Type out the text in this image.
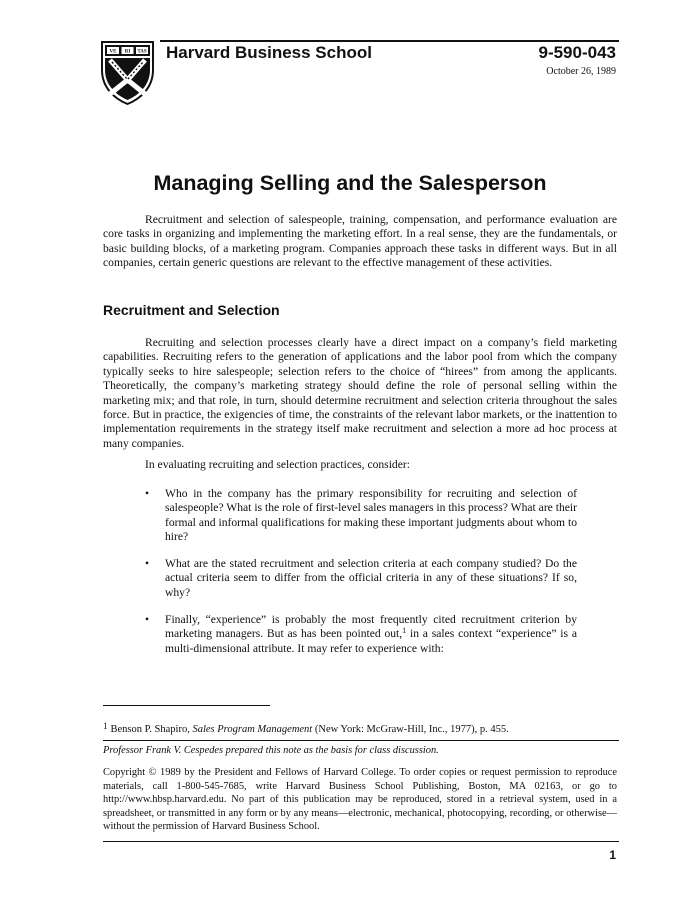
VE RI TAS Harvard Business School	9-590-043
October 26, 1989
Managing Selling and the Salesperson

Recruitment and selection of salespeople, training, compensation, and performance evaluation are core tasks in organizing and implementing the marketing effort. In a real sense, they are the fundamentals, or basic building blocks, of a marketing program. Companies approach these tasks in different ways. But in all companies, certain generic questions are relevant to the effective management of these activities.

Recruitment and Selection

Recruiting and selection processes clearly have a direct impact on a company’s field marketing capabilities. Recruiting refers to the generation of applications and the labor pool from which the company typically seeks to hire salespeople; selection refers to the choice of “hirees” from among the applicants. Theoretically, the company’s marketing strategy should define the role of personal selling within the marketing mix; and that role, in turn, should determine recruitment and selection criteria throughout the sales force. But in practice, the exigencies of time, the constraints of the relevant labor markets, or the inattention to implementation requirements in the strategy itself make recruitment and selection a more ad hoc process at many companies.

In evaluating recruiting and selection practices, consider:
• Who in the company has the primary responsibility for recruiting and selection of salespeople? What is the role of first-level sales managers in this process? What are their formal and informal qualifications for making these important judgments about whom to hire?
• What are the stated recruitment and selection criteria at each company studied? Do the actual criteria seem to differ from the official criteria in any of these situations? If so, why?
• Finally, “experience” is probably the most frequently cited recruitment criterion by marketing managers. But as has been pointed out,$^1$ in a sales context “experience” is a multi-dimensional attribute. It may refer to experience with:
1 Benson P. Shapiro, Sales Program Management (New York: McGraw-Hill, Inc., 1977), p. 455.
Professor Frank V. Cespedes prepared this note as the basis for class discussion.

Copyright © 1989 by the President and Fellows of Harvard College. To order copies or request permission to reproduce materials, call 1-800-545-7685, write Harvard Business School Publishing, Boston, MA 02163, or go to http://www.hbsp.harvard.edu. No part of this publication may be reproduced, stored in a retrieval system, used in a spreadsheet, or transmitted in any form or by any means—electronic, mechanical, photocopying, recording, or otherwise—without the permission of Harvard Business School.

1
